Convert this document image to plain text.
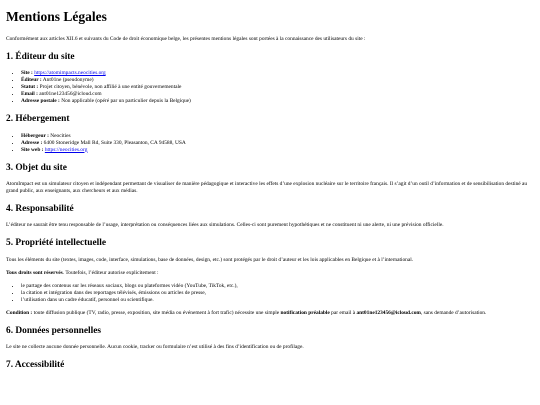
Mentions Légales

Conformément aux articles XII.6 et suivants du Code de droit économique belge, les présentes mentions légales sont portées à la connaissance des utilisateurs du site :

1. Éditeur du site
• Site : https://atomimpacts.neocities.org
• Éditeur : Ant01ne (pseudonyme)
• Statut : Projet citoyen, bénévole, non affilié à une entité gouvernementale
• Email : ant01ne123456@icloud.com
• Adresse postale : Non applicable (opéré par un particulier depuis la Belgique)
2. Hébergement
• Hébergeur : Neocities
• Adresse : 6400 Stoneridge Mall Rd, Suite 330, Pleasanton, CA 94588, USA
• Site web : https://neocities.org
3. Objet du site

AtomImpact est un simulateur citoyen et indépendant permettant de visualiser de manière pédagogique et interactive les effets d’une explosion nucléaire sur le territoire français. Il s’agit d’un outil d’information et de sensibilisation destiné au grand public, aux enseignants, aux chercheurs et aux médias.

4. Responsabilité

L’éditeur ne saurait être tenu responsable de l’usage, interprétation ou conséquences liées aux simulations. Celles-ci sont purement hypothétiques et ne constituent ni une alerte, ni une prévision officielle.

5. Propriété intellectuelle

Tous les éléments du site (textes, images, code, interface, simulations, base de données, design, etc.) sont protégés par le droit d’auteur et les lois applicables en Belgique et à l’international.

Tous droits sont réservés. Toutefois, l’éditeur autorise explicitement :

• le partage des contenus sur les réseaux sociaux, blogs ou plateformes vidéo (YouTube, TikTok, etc.),
• la citation et intégration dans des reportages télévisés, émissions ou articles de presse,
• l’utilisation dans un cadre éducatif, personnel ou scientifique.

Condition : toute diffusion publique (TV, radio, presse, exposition, site média ou événement à fort trafic) nécessite une simple notification préalable par email à ant01ne123456@icloud.com, sans demande d’autorisation.

6. Données personnelles

Le site ne collecte aucune donnée personnelle. Aucun cookie, tracker ou formulaire n’est utilisé à des fins d’identification ou de profilage.

7. Accessibilité
